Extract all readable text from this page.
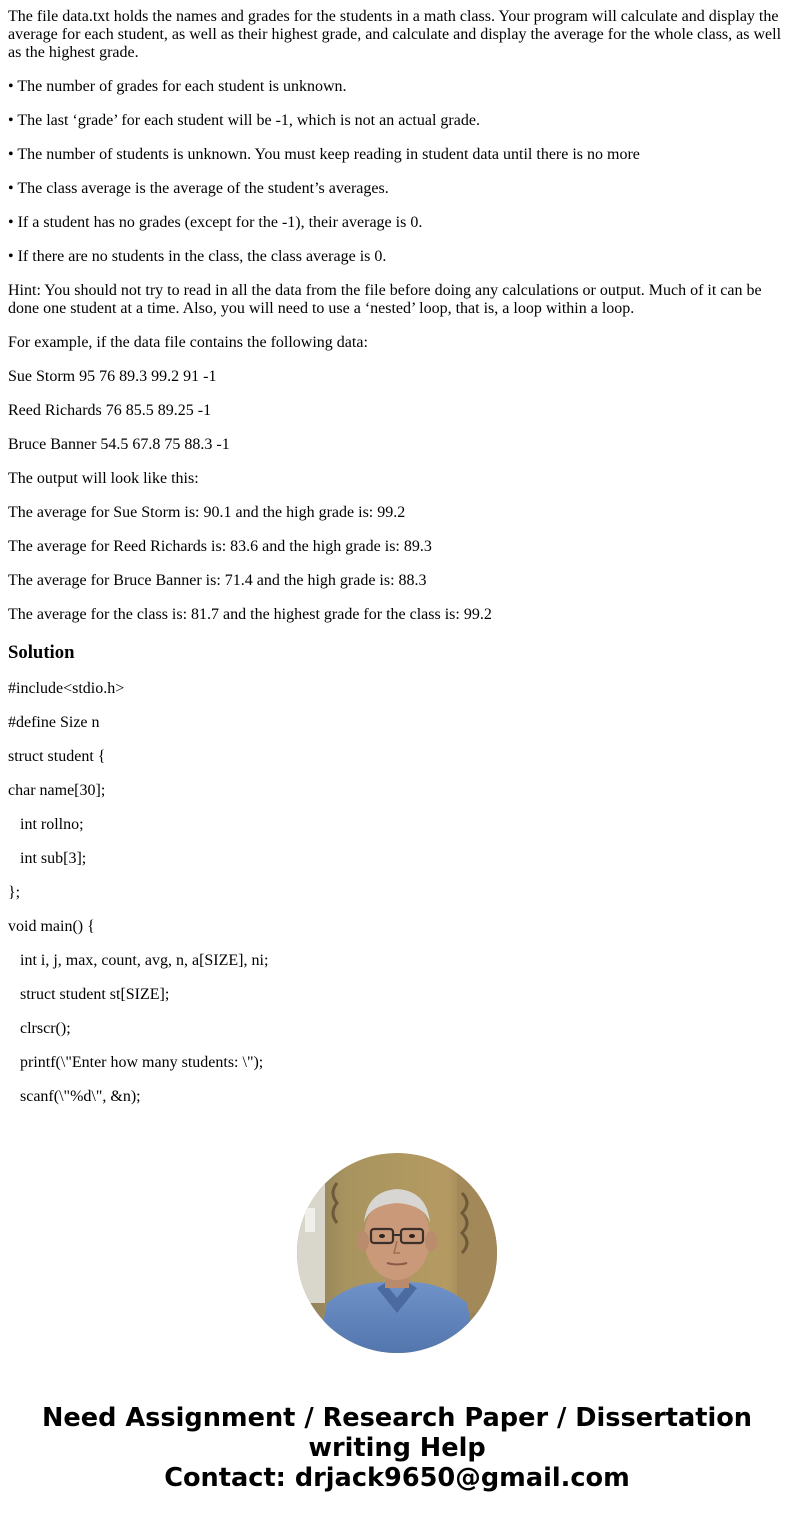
The file data.txt holds the names and grades for the students in a math class. Your program will calculate and display the average for each student, as well as their highest grade, and calculate and display the average for the whole class, as well as the highest grade.
• The number of grades for each student is unknown.
• The last ‘grade’ for each student will be -1, which is not an actual grade.
• The number of students is unknown. You must keep reading in student data until there is no more
• The class average is the average of the student’s averages.
• If a student has no grades (except for the -1), their average is 0.
• If there are no students in the class, the class average is 0.
Hint: You should not try to read in all the data from the file before doing any calculations or output. Much of it can be done one student at a time. Also, you will need to use a ‘nested’ loop, that is, a loop within a loop.
For example, if the data file contains the following data:
Sue Storm 95 76 89.3 99.2 91 -1
Reed Richards 76 85.5 89.25 -1
Bruce Banner 54.5 67.8 75 88.3 -1
The output will look like this:
The average for Sue Storm is: 90.1 and the high grade is: 99.2
The average for Reed Richards is: 83.6 and the high grade is: 89.3
The average for Bruce Banner is: 71.4 and the high grade is: 88.3
The average for the class is: 81.7 and the highest grade for the class is: 99.2
Solution
#include<stdio.h>
#define Size n
struct student {
char name[30];
int rollno;
int sub[3];
};
void main() {
int i, j, max, count, avg, n, a[SIZE], ni;
struct student st[SIZE];
clrscr();
printf(\"Enter how many students: \");
scanf(\"%d\", &n);
Need Assignment / Research Paper / Dissertation
writing Help
Contact: drjack9650@gmail.com
